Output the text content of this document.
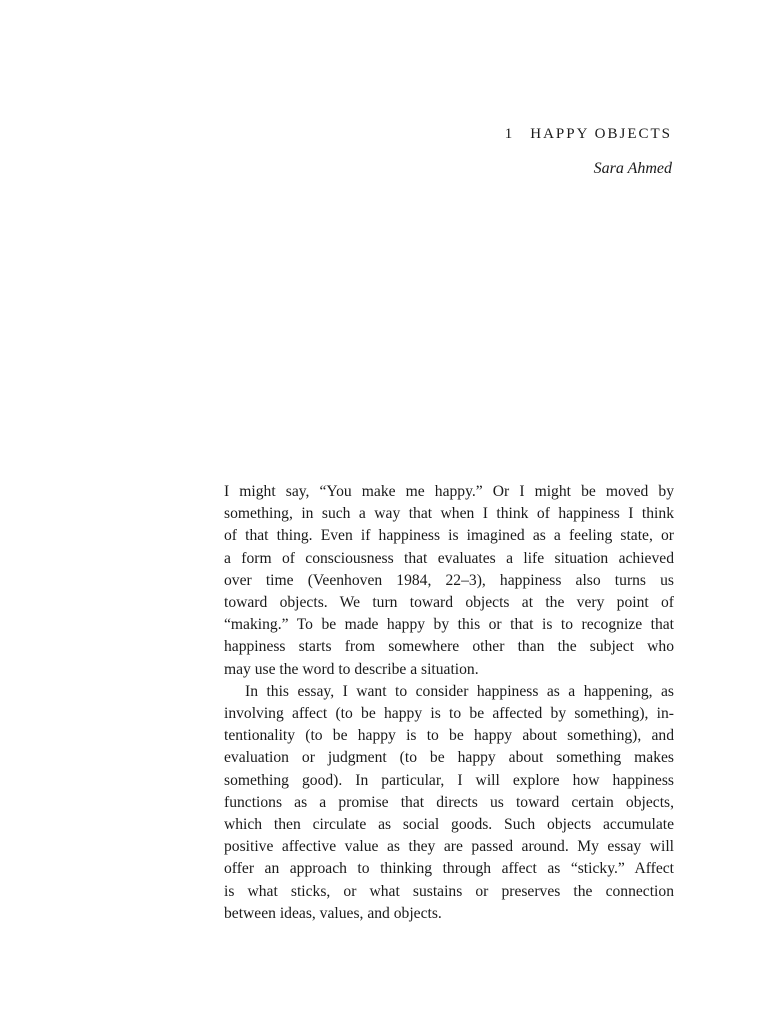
1 HAPPY OBJECTS
Sara Ahmed
I might say, “You make me happy.” Or I might be moved by
something, in such a way that when I think of happiness I think
of that thing. Even if happiness is imagined as a feeling state, or
a form of consciousness that evaluates a life situation achieved
over time (Veenhoven 1984, 22–3), happiness also turns us
toward objects. We turn toward objects at the very point of
“making.” To be made happy by this or that is to recognize that
happiness starts from somewhere other than the subject who
may use the word to describe a situation.
In this essay, I want to consider happiness as a happening, as
involving affect (to be happy is to be affected by something), in-
tentionality (to be happy is to be happy about something), and
evaluation or judgment (to be happy about something makes
something good). In particular, I will explore how happiness
functions as a promise that directs us toward certain objects,
which then circulate as social goods. Such objects accumulate
positive affective value as they are passed around. My essay will
offer an approach to thinking through affect as “sticky.” Affect
is what sticks, or what sustains or preserves the connection
between ideas, values, and objects.
